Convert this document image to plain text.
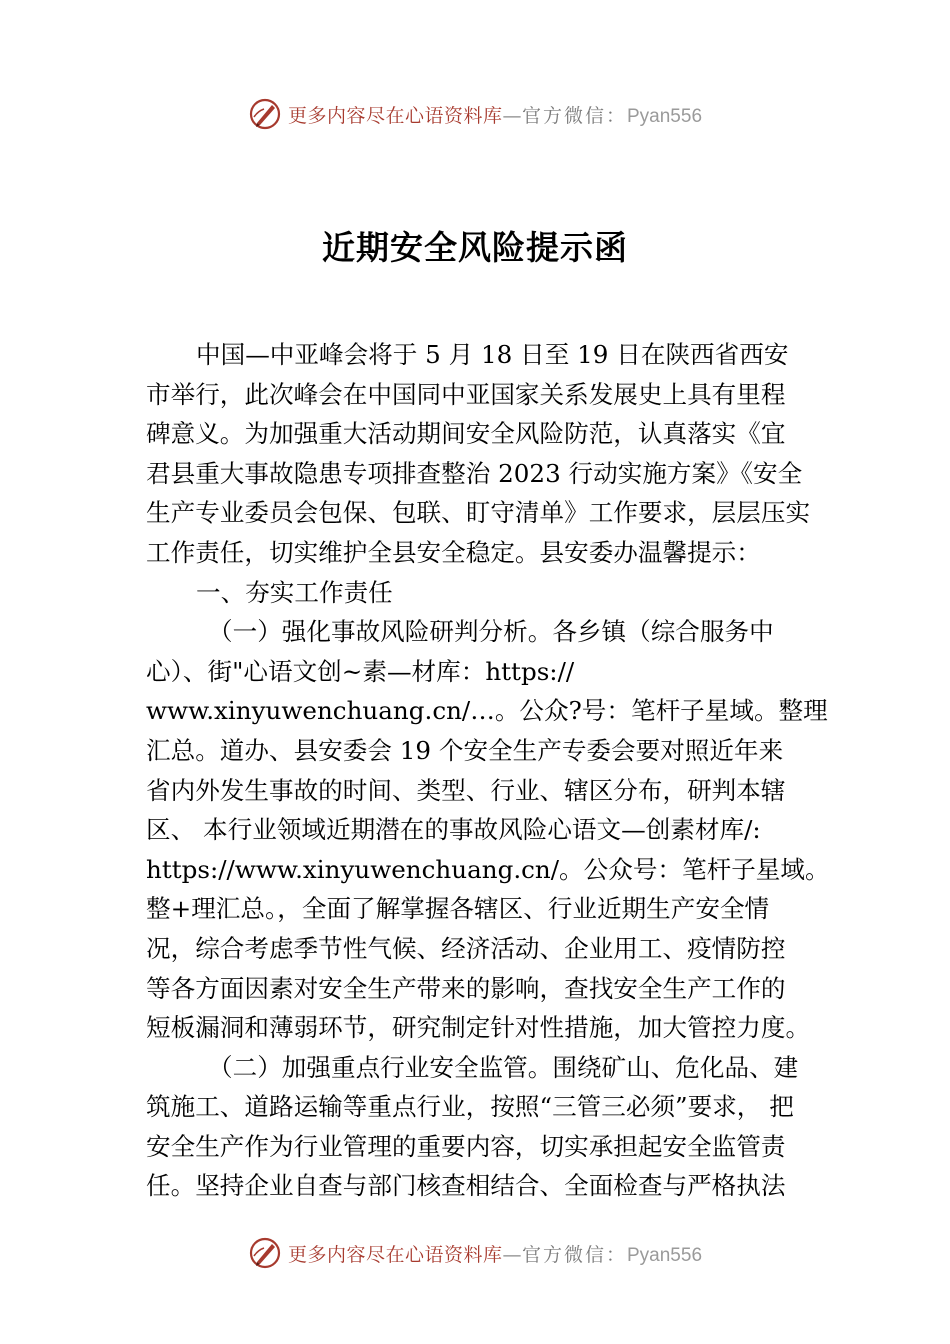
更多内容尽在心语资料库—官方微信：Pyan556
近期安全风险提示函
中国—中亚峰会将于 5 月 18 日至 19 日在陕西省西安
市举行，此次峰会在中国同中亚国家关系发展史上具有里程
碑意义。为加强重大活动期间安全风险防范，认真落实《宜
君县重大事故隐患专项排查整治 2023 行动实施方案》《安全
生产专业委员会包保、包联、盯守清单》工作要求，层层压实
工作责任，切实维护全县安全稳定。县安委办温馨提示：
一、夯实工作责任
（一）强化事故风险研判分析。各乡镇（综合服务中
心）、街"心语文创~素—材库：https://
www.xinyuwenchuang.cn/…。公众?号：笔杆子星域。整理
汇总。道办、县安委会 19 个安全生产专委会要对照近年来
省内外发生事故的时间、类型、行业、辖区分布，研判本辖
区、 本行业领域近期潜在的事故风险心语文—创素材库/:
https://www.xinyuwenchuang.cn/。公众号：笔杆子星域。
整+理汇总。，全面了解掌握各辖区、行业近期生产安全情
况，综合考虑季节性气候、经济活动、企业用工、疫情防控
等各方面因素对安全生产带来的影响，查找安全生产工作的
短板漏洞和薄弱环节，研究制定针对性措施，加大管控力度。
（二）加强重点行业安全监管。围绕矿山、危化品、建
筑施工、道路运输等重点行业，按照“三管三必须”要求， 把
安全生产作为行业管理的重要内容，切实承担起安全监管责
任。坚持企业自查与部门核查相结合、全面检查与严格执法
更多内容尽在心语资料库—官方微信：Pyan556
